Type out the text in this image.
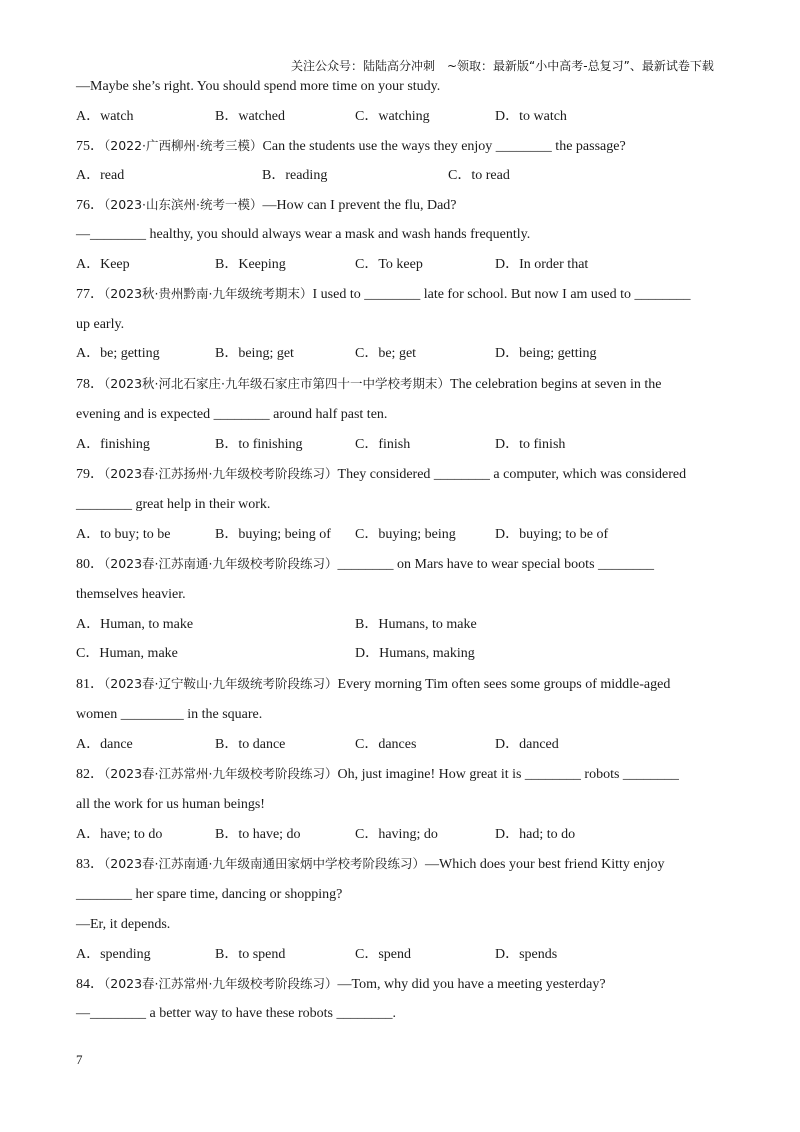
关注公众号：陆陆高分冲刺　~领取：最新版“小中高考-总复习”、最新试卷下载
—Maybe she’s right. You should spend more time on your study.
A．watch	B．watched	C．watching	D．to watch
75．（2022·广西柳州·统考三模）Can the students use the ways they enjoy ________ the passage?
A．read	B．reading	C．to read
76．（2023·山东滨州·统考一模）—How can I prevent the flu, Dad?
—________ healthy, you should always wear a mask and wash hands frequently.
A．Keep	B．Keeping	C．To keep	D．In order that
77．（2023秋·贵州黔南·九年级统考期末）I used to ________ late for school. But now I am used to ________
up early.
A．be; getting	B．being; get	C．be; get	D．being; getting
78．（2023秋·河北石家庄·九年级石家庄市第四十一中学校考期末）The celebration begins at seven in the
evening and is expected ________ around half past ten.
A．finishing	B．to finishing	C．finish	D．to finish
79．（2023春·江苏扬州·九年级校考阶段练习）They considered ________ a computer, which was considered
________ great help in their work.
A．to buy; to be	B．buying; being of C．buying; being	D．buying; to be of
80．（2023春·江苏南通·九年级校考阶段练习）________ on Mars have to wear special boots ________
themselves heavier.
A．Human, to make	B．Humans, to make
C．Human, make	D．Humans, making
81．（2023春·辽宁鞍山·九年级统考阶段练习）Every morning Tim often sees some groups of middle-aged
women _________ in the square.
A．dance	B．to dance	C．dances	D．danced
82．（2023春·江苏常州·九年级校考阶段练习）Oh, just imagine! How great it is ________ robots ________
all the work for us human beings!
A．have; to do	B．to have; do	C．having; do	D．had; to do
83．（2023春·江苏南通·九年级南通田家炳中学校考阶段练习）—Which does your best friend Kitty enjoy
________ her spare time, dancing or shopping?
—Er, it depends.
A．spending	B．to spend	C．spend	D．spends
84．（2023春·江苏常州·九年级校考阶段练习）—Tom, why did you have a meeting yesterday?
—________ a better way to have these robots ________.
7
